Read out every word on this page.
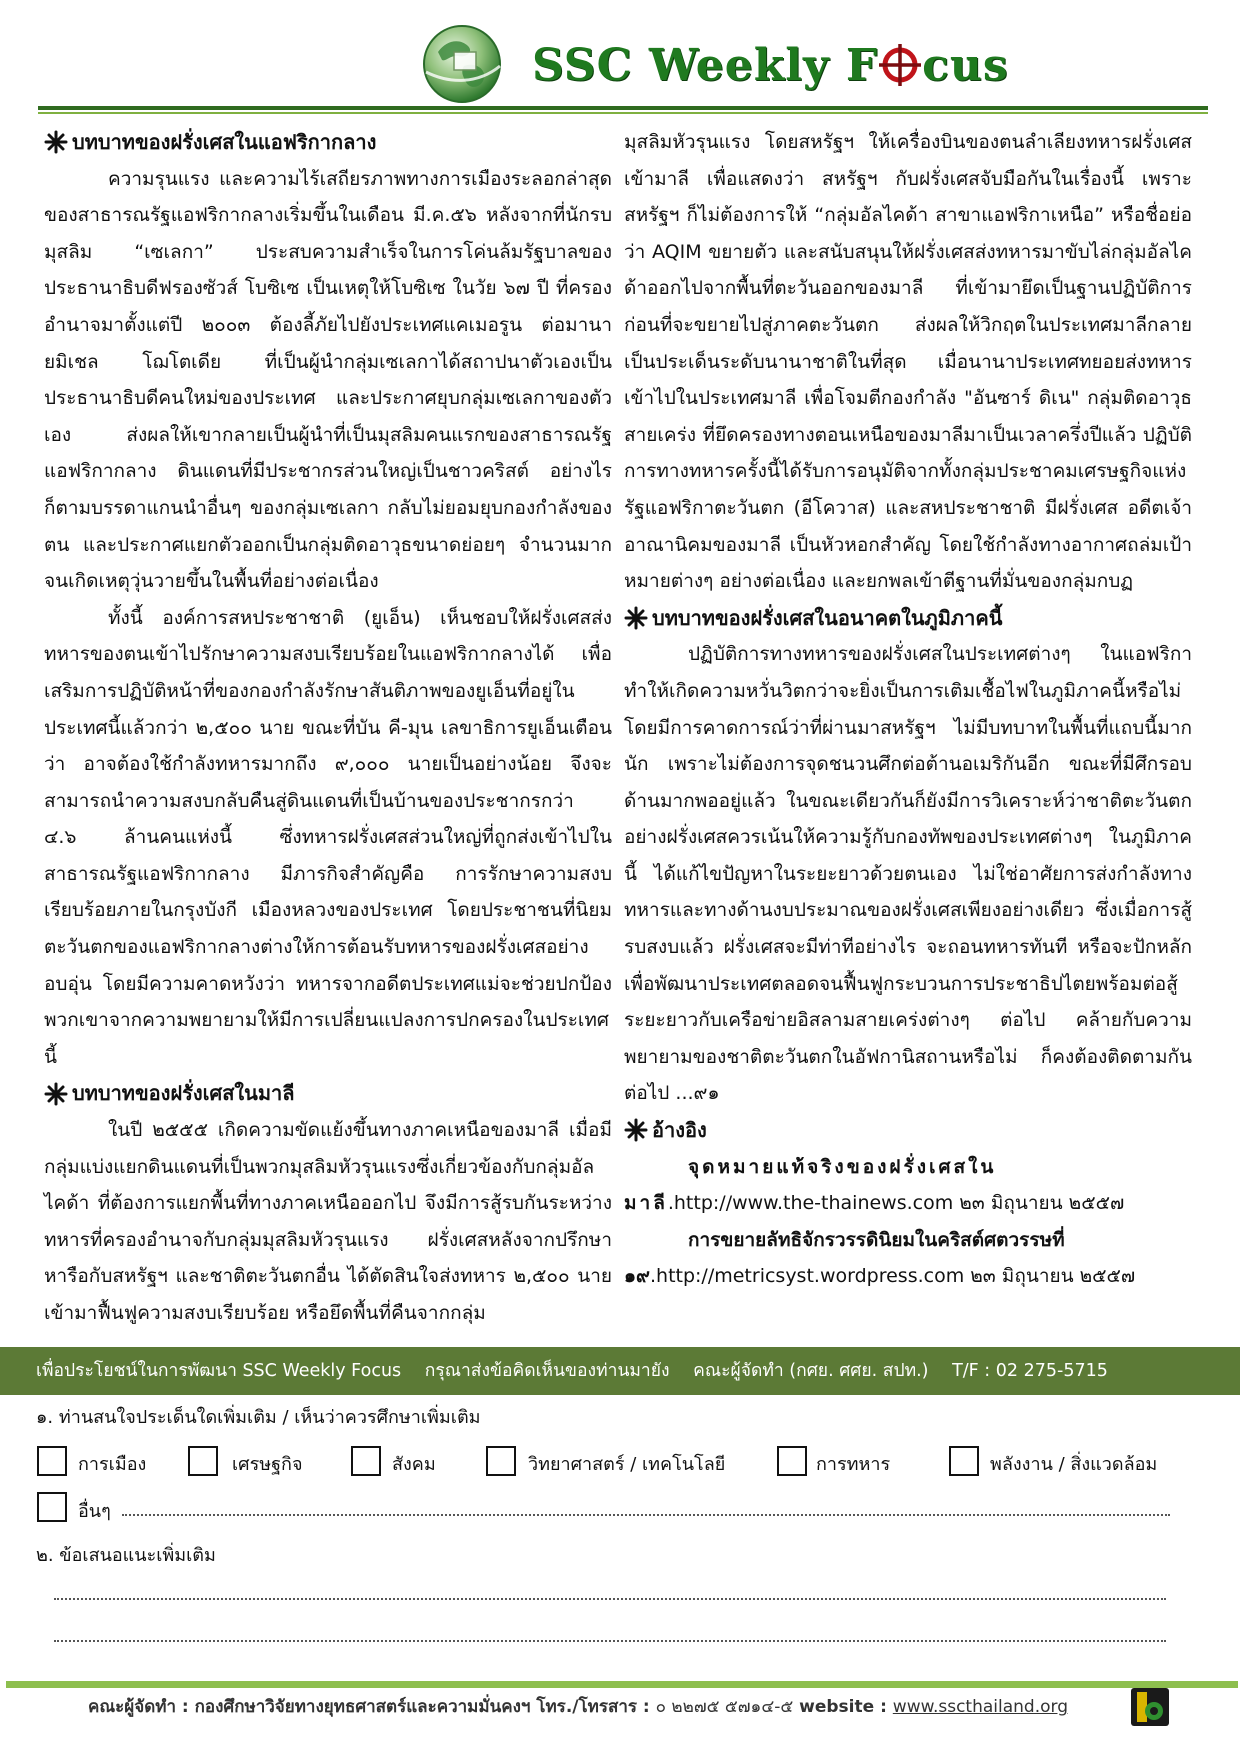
SSC Weekly F cus

บทบาทของฝรั่งเศสในแอฟริกากลาง

ความรุนแรง และความไร้เสถียรภาพทางการเมืองระลอกล่าสุดของสาธารณรัฐแอฟริกากลางเริ่มขึ้นในเดือน มี.ค.๕๖ หลังจากที่นักรบมุสลิม “เซเลกา” ประสบความสำเร็จในการโค่นล้มรัฐบาลของประธานาธิบดีฟรองซัวส์ โบซิเซ เป็นเหตุให้โบซิเซ ในวัย ๖๗ ปี ที่ครองอำนาจมาตั้งแต่ปี ๒๐๐๓ ต้องลี้ภัยไปยังประเทศแคเมอรูน ต่อมานายมิเชล โฌโตเดีย ที่เป็นผู้นำกลุ่มเซเลกาได้สถาปนาตัวเองเป็นประธานาธิบดีคนใหม่ของประเทศ และประกาศยุบกลุ่มเซเลกาของตัวเอง ส่งผลให้เขากลายเป็นผู้นำที่เป็นมุสลิมคนแรกของสาธารณรัฐแอฟริกากลาง ดินแดนที่มีประชากรส่วนใหญ่เป็นชาวคริสต์ อย่างไรก็ตามบรรดาแกนนำอื่นๆ ของกลุ่มเซเลกา กลับไม่ยอมยุบกองกำลังของตน และประกาศแยกตัวออกเป็นกลุ่มติดอาวุธขนาดย่อยๆ จำนวนมากจนเกิดเหตุวุ่นวายขึ้นในพื้นที่อย่างต่อเนื่อง

ทั้งนี้ องค์การสหประชาชาติ (ยูเอ็น) เห็นชอบให้ฝรั่งเศสส่งทหารของตนเข้าไปรักษาความสงบเรียบร้อยในแอฟริกากลางได้ เพื่อเสริมการปฏิบัติหน้าที่ของกองกำลังรักษาสันติภาพของยูเอ็นที่อยู่ในประเทศนี้แล้วกว่า ๒,๕๐๐ นาย ขณะที่บัน คี-มุน เลขาธิการยูเอ็นเตือนว่า อาจต้องใช้กำลังทหารมากถึง ๙,๐๐๐ นายเป็นอย่างน้อย จึงจะสามารถนำความสงบกลับคืนสู่ดินแดนที่เป็นบ้านของประชากรกว่า ๔.๖ ล้านคนแห่งนี้ ซึ่งทหารฝรั่งเศสส่วนใหญ่ที่ถูกส่งเข้าไปในสาธารณรัฐแอฟริกากลาง มีภารกิจสำคัญคือ การรักษาความสงบเรียบร้อยภายในกรุงบังกี เมืองหลวงของประเทศ โดยประชาชนที่นิยมตะวันตกของแอฟริกากลางต่างให้การต้อนรับทหารของฝรั่งเศสอย่างอบอุ่น โดยมีความคาดหวังว่า ทหารจากอดีตประเทศแม่จะช่วยปกป้องพวกเขาจากความพยายามให้มีการเปลี่ยนแปลงการปกครองในประเทศนี้

บทบาทของฝรั่งเศสในมาลี

ในปี ๒๕๕๕ เกิดความขัดแย้งขึ้นทางภาคเหนือของมาลี เมื่อมีกลุ่มแบ่งแยกดินแดนที่เป็นพวกมุสลิมหัวรุนแรงซึ่งเกี่ยวข้องกับกลุ่มอัลไคด้า ที่ต้องการแยกพื้นที่ทางภาคเหนือออกไป จึงมีการสู้รบกันระหว่างทหารที่ครองอำนาจกับกลุ่มมุสลิมหัวรุนแรง ฝรั่งเศสหลังจากปรึกษาหารือกับสหรัฐฯ และชาติตะวันตกอื่น ได้ตัดสินใจส่งทหาร ๒,๕๐๐ นาย เข้ามาฟื้นฟูความสงบเรียบร้อย หรือยึดพื้นที่คืนจากกลุ่ม

มุสลิมหัวรุนแรง โดยสหรัฐฯ ให้เครื่องบินของตนลำเลียงทหารฝรั่งเศสเข้ามาลี เพื่อแสดงว่า สหรัฐฯ กับฝรั่งเศสจับมือกันในเรื่องนี้ เพราะสหรัฐฯ ก็ไม่ต้องการให้ “กลุ่มอัลไคด้า สาขาแอฟริกาเหนือ” หรือชื่อย่อว่า AQIM ขยายตัว และสนับสนุนให้ฝรั่งเศสส่งทหารมาขับไล่กลุ่มอัลไคด้าออกไปจากพื้นที่ตะวันออกของมาลี ที่เข้ามายึดเป็นฐานปฏิบัติการ ก่อนที่จะขยายไปสู่ภาคตะวันตก ส่งผลให้วิกฤตในประเทศมาลีกลายเป็นประเด็นระดับนานาชาติในที่สุด เมื่อนานาประเทศทยอยส่งทหารเข้าไปในประเทศมาลี เพื่อโจมตีกองกำลัง "อันซาร์ ดิเน" กลุ่มติดอาวุธสายเคร่ง ที่ยึดครองทางตอนเหนือของมาลีมาเป็นเวลาครึ่งปีแล้ว ปฏิบัติการทางทหารครั้งนี้ได้รับการอนุมัติจากทั้งกลุ่มประชาคมเศรษฐกิจแห่งรัฐแอฟริกาตะวันตก (อีโควาส) และสหประชาชาติ มีฝรั่งเศส อดีตเจ้าอาณานิคมของมาลี เป็นหัวหอกสำคัญ โดยใช้กำลังทางอากาศถล่มเป้าหมายต่างๆ อย่างต่อเนื่อง และยกพลเข้าตีฐานที่มั่นของกลุ่มกบฏ

บทบาทของฝรั่งเศสในอนาคตในภูมิภาคนี้

ปฏิบัติการทางทหารของฝรั่งเศสในประเทศต่างๆ ในแอฟริกาทำให้เกิดความหวั่นวิตกว่าจะยิ่งเป็นการเติมเชื้อไฟในภูมิภาคนี้หรือไม่ โดยมีการคาดการณ์ว่าที่ผ่านมาสหรัฐฯ ไม่มีบทบาทในพื้นที่แถบนี้มากนัก เพราะไม่ต้องการจุดชนวนศึกต่อต้านอเมริกันอีก ขณะที่มีศึกรอบด้านมากพออยู่แล้ว ในขณะเดียวกันก็ยังมีการวิเคราะห์ว่าชาติตะวันตกอย่างฝรั่งเศสควรเน้นให้ความรู้กับกองทัพของประเทศต่างๆ ในภูมิภาคนี้ ได้แก้ไขปัญหาในระยะยาวด้วยตนเอง ไม่ใช่อาศัยการส่งกำลังทางทหารและทางด้านงบประมาณของฝรั่งเศสเพียงอย่างเดียว ซึ่งเมื่อการสู้รบสงบแล้ว ฝรั่งเศสจะมีท่าทีอย่างไร จะถอนทหารทันที หรือจะปักหลักเพื่อพัฒนาประเทศตลอดจนฟื้นฟูกระบวนการประชาธิปไตยพร้อมต่อสู้ระยะยาวกับเครือข่ายอิสลามสายเคร่งต่างๆ ต่อไป คล้ายกับความพยายามของชาติตะวันตกในอัฟกานิสถานหรือไม่ ก็คงต้องติดตามกันต่อไป ...๙๑

อ้างอิง

จุดหมายแท้จริงของฝรั่งเศสในมาลี.http://www.the-thainews.com ๒๓ มิถุนายน ๒๕๕๗

การขยายลัทธิจักรวรรดินิยมในคริสต์ศตวรรษที่ ๑๙.http://metricsyst.wordpress.com ๒๓ มิถุนายน ๒๕๕๗

เพื่อประโยชน์ในการพัฒนา SSC Weekly Focus กรุณาส่งข้อคิดเห็นของท่านมายัง คณะผู้จัดทำ (กศย. ศศย. สปท.) T/F : 02 275-5715
๑. ท่านสนใจประเด็นใดเพิ่มเติม / เห็นว่าควรศึกษาเพิ่มเติม
การเมือง	เศรษฐกิจ	สังคม	วิทยาศาสตร์ / เทคโนโลยี	การทหาร	พลังงาน / สิ่งแวดล้อม
อื่นๆ
๒. ข้อเสนอแนะเพิ่มเติม
คณะผู้จัดทำ : กองศึกษาวิจัยทางยุทธศาสตร์และความมั่นคงฯ โทร./โทรสาร : ๐ ๒๒๗๕ ๕๗๑๔-๕ website : www.sscthailand.org
